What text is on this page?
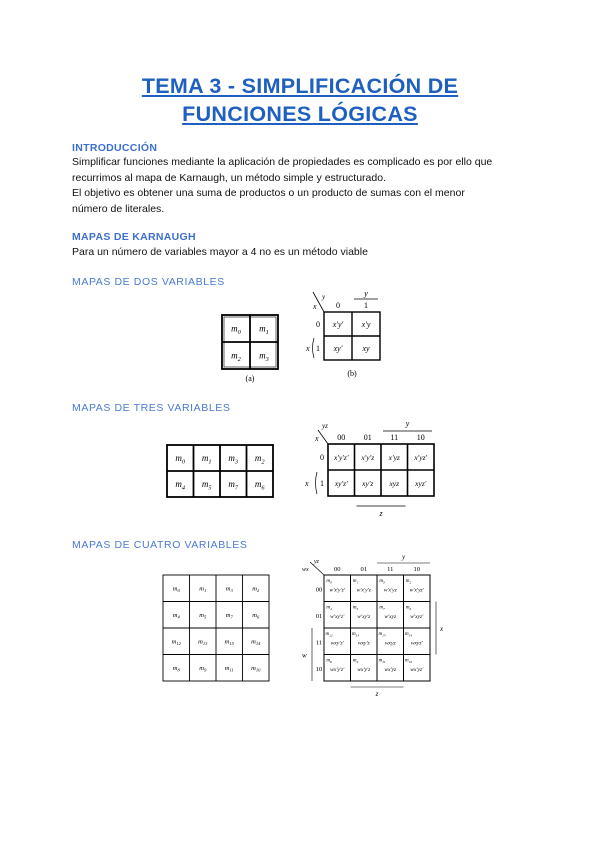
TEMA 3 - SIMPLIFICACIÓN DE
FUNCIONES LÓGICAS
INTRODUCCIÓN
Simplificar funciones mediante la aplicación de propiedades es complicado es por ello que
recurrimos al mapa de Karnaugh, un método simple y estructurado.
El objetivo es obtener una suma de productos o un producto de sumas con el menor
número de literales.
MAPAS DE KARNAUGH
Para un número de variables mayor a 4 no es un método viable
MAPAS DE DOS VARIABLES
MAPAS DE TRES VARIABLES
MAPAS DE CUATRO VARIABLES
$m_0$ $m_1$
$m_2$ $m_3$
(a)
x
y
0	1
0
1
y
x
x'y' x'y
xy'	xy
(b)
$m_0$ $m_1$ $m_3$ $m_2$
$m_4$ $m_5$ $m_7$ $m_6$
x
yz
00 01 11 10
0
1
y
x
x'y'z' x'y'z x'yz x'yz'
xy'z' xy'z xyz xyz'
z
$m_0$	$m_1$	$m_3$	$m_2$
$m_4$	$m_5$	$m_7$	$m_6$
$m_{12}$	$m_{13}$	$m_{15}$	$m_{14}$
$m_8$	$m_9$	$m_{11}$	$m_{10}$
wx
yz
00	01	11	10
00
01
11
10
y
x
w
$m_0$	$m_1$	$m_3$	$m_2$
$m_4$	$m_5$	$m_7$	$m_6$
$m_{12}$	$m_{13}$	$m_{15}$	$m_{14}$
$m_8$	$m_9$	$m_{11}$	$m_{10}$
w'x'y'z' w'x'y'z w'x'yz w'x'yz'
w'xy'z' w'xy'z	w'xyz	w'xyz'
wxy'z'	wxy'z	wxyz	wxyz'
wx'y'z' wx'y'z	wx'yz	wx'yz'
z
